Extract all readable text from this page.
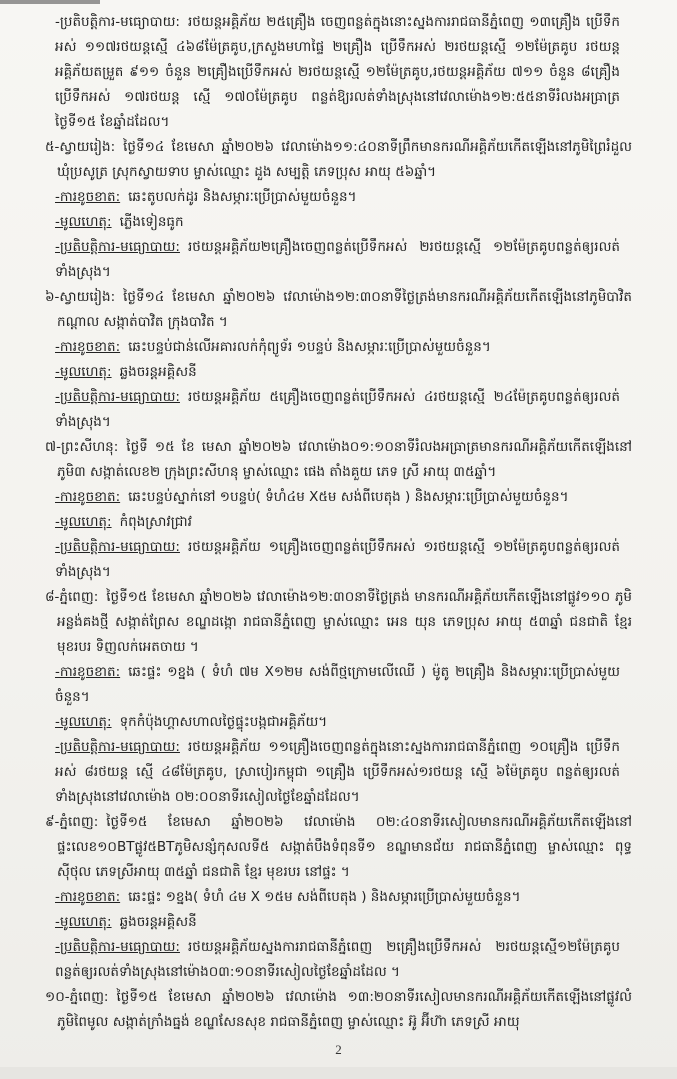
-ប្រតិបត្តិការ-មធ្យោបាយ: រថយន្តអគ្គិភ័យ ២៥គ្រឿង ចេញពន្លត់ក្នុងនោះស្នងការរាជធានីភ្នំពេញ ១៣គ្រឿង ប្រើទឹកអស់ ១១៧រថយន្តស្មើ ៤៦៨ម៉ែត្រគូប,ក្រសួងមហាផ្ទៃ ២គ្រឿង ប្រើទឹកអស់ ២រថយន្តស្មើ ១២ម៉ែត្រគូប រថយន្តអគ្គិភ័យតម្រួត ៩១១ ចំនួន ២គ្រឿងប្រើទឹកអស់ ២រថយន្តស្មើ ១២ម៉ែត្រគូប,រថយន្តអគ្គិភ័យ ៧១១ ចំនួន ៨គ្រឿង ប្រើទឹកអស់ ១៧រថយន្ត ស្មើ ១៧០ម៉ែត្រគូប ពន្លត់ឱ្យរលត់ទាំងស្រុងនៅវេលាម៉ោង១២:៥៥នាទីរំលងអធ្រាត្រថ្ងៃទី១៥ ខែឆ្នាំដដែល។
៥-ស្វាយរៀង: ថ្ងៃទី១៤ ខែមេសា ឆ្នាំ២០២៦ វេលាម៉ោង១១:៤០នាទីព្រឹកមានករណីអគ្គិភ័យកើតឡើងនៅភូមិព្រៃរំដួល ឃុំប្រសូត្រ ស្រុកស្វាយទាប ម្ចាស់ឈ្មោះ ដួង សម្បត្តិ ភេទប្រុស អាយុ ៥៦ឆ្នាំ។
-ការខូចខាត: ឆេះតូបលក់ដូរ និងសម្ភារៈប្រើប្រាស់មួយចំនួន។
-មូលហេតុ: ភ្លើងទៀនធូក
-ប្រតិបត្តិការ-មធ្យោបាយ: រថយន្តអគ្គិភ័យ២គ្រឿងចេញពន្លត់ប្រើទឹកអស់ ២រថយន្តស្មើ ១២ម៉ែត្រគូបពន្លត់ឲ្យរលត់ទាំងស្រុង។
៦-ស្វាយរៀង: ថ្ងៃទី១៤ ខែមេសា ឆ្នាំ២០២៦ វេលាម៉ោង១២:៣០នាទីថ្ងៃត្រង់មានករណីអគ្គិភ័យកើតឡើងនៅភូមិបាវិតកណ្តាល សង្កាត់បាវិត ក្រុងបាវិត ។
-ការខូចខាត: ឆេះបន្ទប់ជាន់លើអគារលក់កុំព្យូទ័រ ១បន្ទប់ និងសម្ភារៈប្រើប្រាស់មួយចំនួន។
-មូលហេតុ: ឆ្លងចរន្តអគ្គិសនី
-ប្រតិបត្តិការ-មធ្យោបាយ: រថយន្តអគ្គិភ័យ ៥គ្រឿងចេញពន្លត់ប្រើទឹកអស់ ៤រថយន្តស្មើ ២៤ម៉ែត្រគូបពន្លត់ឲ្យរលត់ទាំងស្រុង។
៧-ព្រះសីហនុ: ថ្ងៃទី ១៥ ខែ មេសា ឆ្នាំ២០២៦ វេលាម៉ោង០១:១០នាទីរំលងអធ្រាត្រមានករណីអគ្គិភ័យកើតឡើងនៅភូមិ៣ សង្កាត់លេខ២ ក្រុងព្រះសីហនុ ម្ចាស់ឈ្មោះ ផេង តាំងគួយ ភេទ ស្រី អាយុ ៣៥ឆ្នាំ។
-ការខូចខាត: ឆេះបន្ទប់ស្នាក់នៅ ១បន្ទប់( ទំហំ៤ម X៥ម សង់ពីបេតុង ) និងសម្ភារៈប្រើប្រាស់មួយចំនួន។
-មូលហេតុ: កំពុងស្រាវជ្រាវ
-ប្រតិបត្តិការ-មធ្យោបាយ: រថយន្តអគ្គិភ័យ ១គ្រឿងចេញពន្លត់ប្រើទឹកអស់ ១រថយន្តស្មើ ១២ម៉ែត្រគូបពន្លត់ឲ្យរលត់ទាំងស្រុង។
៨-ភ្នំពេញ: ថ្ងៃទី១៥ ខែមេសា ឆ្នាំ២០២៦ វេលាម៉ោង១២:៣០នាទីថ្ងៃត្រង់ មានករណីអគ្គិភ័យកើតឡើងនៅផ្លូវ១១០ ភូមិអន្លង់គងថ្មី សង្កាត់ព្រែស ខណ្ឌដង្កោ រាជធានីភ្នំពេញ ម្ចាស់ឈ្មោះ អេន យុន ភេទប្រុស អាយុ ៥៣ឆ្នាំ ជនជាតិ ខ្មែរ មុខរបរ ទិញលក់អេតចាយ ។
-ការខូចខាត: ឆេះផ្ទះ ១ខ្នង ( ទំហំ ៧ម X១២ម សង់ពីថ្មក្រោមលើឈើ ) ម៉ូតូ ២គ្រឿង និងសម្ភារៈប្រើប្រាស់មួយចំនួន។
-មូលហេតុ: ទុកកំប៉ុងហ្គាសហាលថ្ងៃផ្ទុះបង្កជាអគ្គិភ័យ។
-ប្រតិបត្តិការ-មធ្យោបាយ: រថយន្តអគ្គិភ័យ ១១គ្រឿងចេញពន្លត់ក្នុងនោះស្នងការរាជធានីភ្នំពេញ ១០គ្រឿង ប្រើទឹកអស់ ៨រថយន្ត ស្មើ ៤៨ម៉ែត្រគូប, ស្រាបៀរកម្ពុជា ១គ្រឿង ប្រើទឹកអស់១រថយន្ត ស្មើ ៦ម៉ែត្រគូប ពន្លត់ឲ្យរលត់ទាំងស្រុងនៅវេលាម៉ោង ០២:០០នាទីរសៀលថ្ងៃខែឆ្នាំដដែល។
៩-ភ្នំពេញ: ថ្ងៃទី១៥ ខែមេសា ឆ្នាំ២០២៦ វេលាម៉ោង ០២:៤០នាទីរសៀលមានករណីអគ្គិភ័យកើតឡើងនៅផ្ទះលេខ១០BTផ្លូវ៥BTភូមិសន្សំកុសលទី៥ សង្កាត់បឹងទំពុនទី១ ខណ្ឌមានជ័យ រាជធានីភ្នំពេញ ម្ចាស់ឈ្មោះ ពុទ្ធ ស៊ីថុល ភេទស្រីអាយុ ៣៥ឆ្នាំ ជនជាតិ ខ្មែរ មុខរបរ នៅផ្ទះ ។
-ការខូចខាត: ឆេះផ្ទះ ១ខ្នង( ទំហំ ៤ម X ១៥ម សង់ពីបេតុង ) និងសម្ភារប្រើប្រាស់មួយចំនួន។
-មូលហេតុ: ឆ្លងចរន្តអគ្គិសនី
-ប្រតិបត្តិការ-មធ្យោបាយ: រថយន្តអគ្គិភ័យស្នងការរាជធានីភ្នំពេញ ២គ្រឿងប្រើទឹកអស់ ២រថយន្តស្មើ១២ម៉ែត្រគូប ពន្លត់ឲ្យរលត់ទាំងស្រុងនៅម៉ោង០៣:១០នាទីរសៀលថ្ងៃខែឆ្នាំដដែល ។
១០-ភ្នំពេញ: ថ្ងៃទី១៥ ខែមេសា ឆ្នាំ២០២៦ វេលាម៉ោង ១៣:២០នាទីរសៀលមានករណីអគ្គិភ័យកើតឡើងនៅផ្លូវលំ ភូមិពៃមូល សង្កាត់ក្រាំងធ្នង់ ខណ្ឌសែនសុខ រាជធានីភ្នំពេញ ម្ចាស់ឈ្មោះ អ៊ូ អ៊ីហ៊ា ភេទស្រី អាយុ
2
